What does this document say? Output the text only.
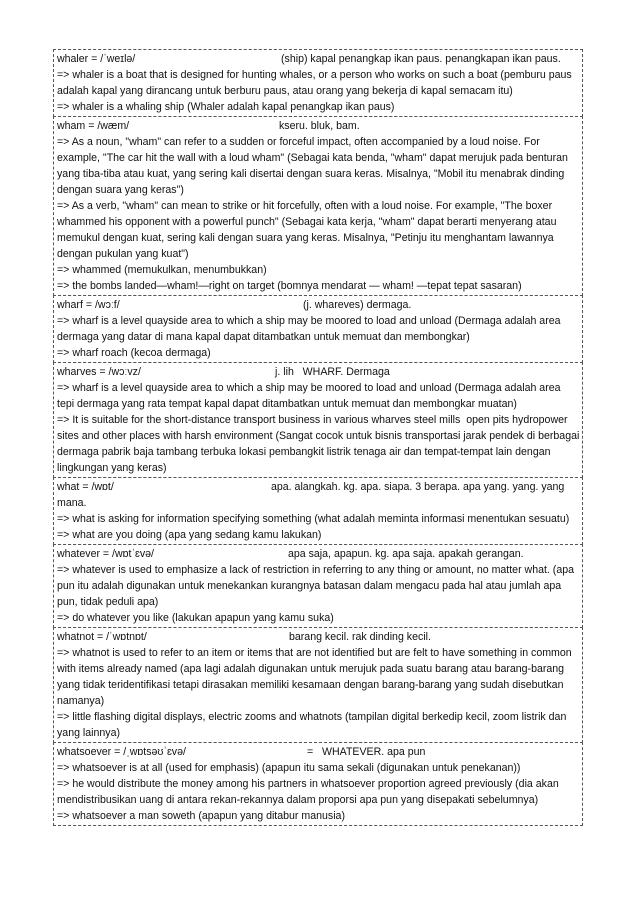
whaler = /ˈweɪlə/	(ship) kapal penangkap ikan paus. penangkapan ikan paus.
=> whaler is a boat that is designed for hunting whales, or a person who works on such a boat (pemburu paus adalah kapal yang dirancang untuk berburu paus, atau orang yang bekerja di kapal semacam itu)
=> whaler is a whaling ship (Whaler adalah kapal penangkap ikan paus)
wham = /wæm/	kseru. bluk, bam.
=> As a noun, "wham" can refer to a sudden or forceful impact, often accompanied by a loud noise. For example, "The car hit the wall with a loud wham" (Sebagai kata benda, "wham" dapat merujuk pada benturan yang tiba-tiba atau kuat, yang sering kali disertai dengan suara keras. Misalnya, "Mobil itu menabrak dinding dengan suara yang keras")
=> As a verb, "wham" can mean to strike or hit forcefully, often with a loud noise. For example, "The boxer whammed his opponent with a powerful punch" (Sebagai kata kerja, "wham" dapat berarti menyerang atau memukul dengan kuat, sering kali dengan suara yang keras. Misalnya, "Petinju itu menghantam lawannya dengan pukulan yang kuat")
=> whammed (memukulkan, menumbukkan)
=> the bombs landed—wham!—right on target (bomnya mendarat — wham! —tepat tepat sasaran)
wharf = /wɔːf/	(j. whareves) dermaga.
=> wharf is a level quayside area to which a ship may be moored to load and unload (Dermaga adalah area dermaga yang datar di mana kapal dapat ditambatkan untuk memuat dan membongkar)
=> wharf roach (kecoa dermaga)
wharves = /wɔːvz/	j. lih   WHARF. Dermaga
=> wharf is a level quayside area to which a ship may be moored to load and unload (Dermaga adalah area tepi dermaga yang rata tempat kapal dapat ditambatkan untuk memuat dan membongkar muatan)
=> It is suitable for the short-distance transport business in various wharves steel mills  open pits hydropower sites and other places with harsh environment (Sangat cocok untuk bisnis transportasi jarak pendek di berbagai dermaga pabrik baja tambang terbuka lokasi pembangkit listrik tenaga air dan tempat-tempat lain dengan lingkungan yang keras)
what = /wɒt/	apa. alangkah. kg. apa. siapa. 3 berapa. apa yang. yang. yang mana.
=> what is asking for information specifying something (what adalah meminta informasi menentukan sesuatu)
=> what are you doing (apa yang sedang kamu lakukan)
whatever = /wɒtˈɛvə/	apa saja, apapun. kg. apa saja. apakah gerangan.
=> whatever is used to emphasize a lack of restriction in referring to any thing or amount, no matter what. (apa pun itu adalah digunakan untuk menekankan kurangnya batasan dalam mengacu pada hal atau jumlah apa pun, tidak peduli apa)
=> do whatever you like (lakukan apapun yang kamu suka)
whatnot = /ˈwɒtnɒt/	barang kecil. rak dinding kecil.
=> whatnot is used to refer to an item or items that are not identified but are felt to have something in common with items already named (apa lagi adalah digunakan untuk merujuk pada suatu barang atau barang-barang yang tidak teridentifikasi tetapi dirasakan memiliki kesamaan dengan barang-barang yang sudah disebutkan namanya)
=> little flashing digital displays, electric zooms and whatnots (tampilan digital berkedip kecil, zoom listrik dan yang lainnya)
whatsoever = /ˌwɒtsəʊˈɛvə/	=   WHATEVER. apa pun
=> whatsoever is at all (used for emphasis) (apapun itu sama sekali (digunakan untuk penekanan))
=> he would distribute the money among his partners in whatsoever proportion agreed previously (dia akan mendistribusikan uang di antara rekan-rekannya dalam proporsi apa pun yang disepakati sebelumnya)
=> whatsoever a man soweth (apapun yang ditabur manusia)
